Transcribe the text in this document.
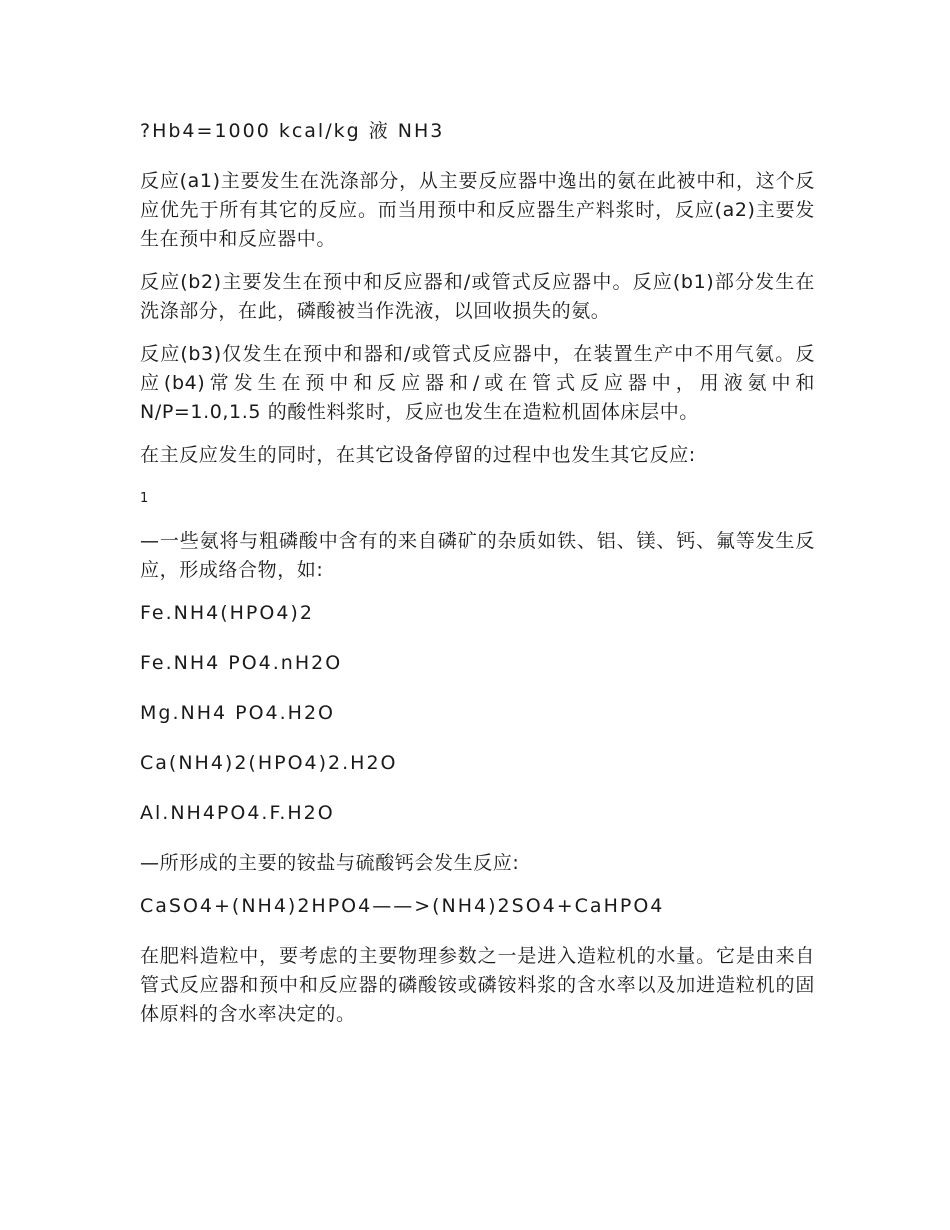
?Hb4=1000 kcal/kg 液 NH3

反应(a1)主要发生在洗涤部分，从主要反应器中逸出的氨在此被中和，这个反应优先于所有其它的反应。而当用预中和反应器生产料浆时，反应(a2)主要发生在预中和反应器中。

反应(b2)主要发生在预中和反应器和/或管式反应器中。反应(b1)部分发生在洗涤部分，在此，磷酸被当作洗液，以回收损失的氨。

反应(b3)仅发生在预中和器和/或管式反应器中，在装置生产中不用气氨。反应(b4)常发生在预中和反应器和/或在管式反应器中，用液氨中和 N/P=1.0,1.5 的酸性料浆时，反应也发生在造粒机固体床层中。

在主反应发生的同时，在其它设备停留的过程中也发生其它反应:

1

—一些氨将与粗磷酸中含有的来自磷矿的杂质如铁、铝、镁、钙、氟等发生反应，形成络合物，如:

Fe.NH4(HPO4)2
Fe.NH4 PO4.nH2O
Mg.NH4 PO4.H2O
Ca(NH4)2(HPO4)2.H2O
Al.NH4PO4.F.H2O

—所形成的主要的铵盐与硫酸钙会发生反应:

CaSO4+(NH4)2HPO4——>(NH4)2SO4+CaHPO4

在肥料造粒中，要考虑的主要物理参数之一是进入造粒机的水量。它是由来自管式反应器和预中和反应器的磷酸铵或磷铵料浆的含水率以及加进造粒机的固体原料的含水率决定的。
